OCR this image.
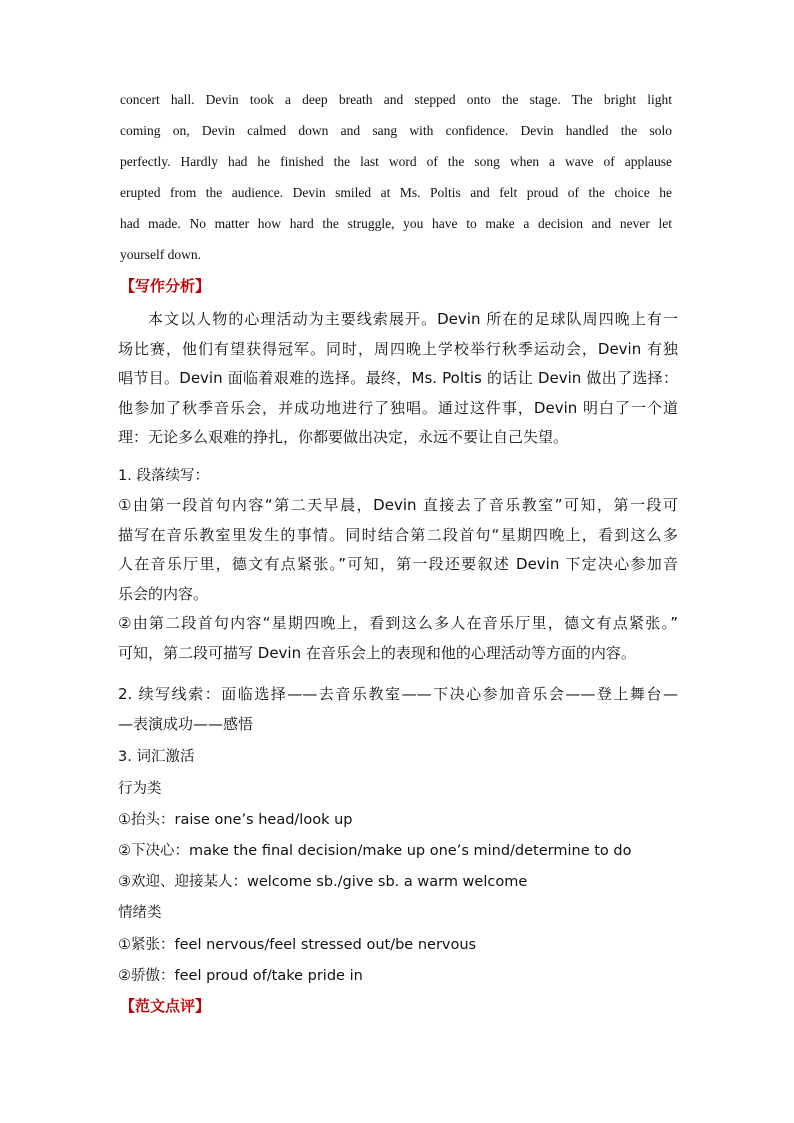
concert hall. Devin took a deep breath and stepped onto the stage. The bright light
coming on, Devin calmed down and sang with confidence. Devin handled the solo
perfectly. Hardly had he finished the last word of the song when a wave of applause
erupted from the audience. Devin smiled at Ms. Poltis and felt proud of the choice he
had made. No matter how hard the struggle, you have to make a decision and never let
yourself down.
【写作分析】
本文以人物的心理活动为主要线索展开。Devin 所在的足球队周四晚上有一
场比赛，他们有望获得冠军。同时，周四晚上学校举行秋季运动会，Devin 有独
唱节目。Devin 面临着艰难的选择。最终，Ms. Poltis 的话让 Devin 做出了选择：
他参加了秋季音乐会，并成功地进行了独唱。通过这件事，Devin 明白了一个道
理：无论多么艰难的挣扎，你都要做出决定，永远不要让自己失望。
1. 段落续写：
①由第一段首句内容“第二天早晨，Devin 直接去了音乐教室”可知，第一段可
描写在音乐教室里发生的事情。同时结合第二段首句“星期四晚上，看到这么多
人在音乐厅里，德文有点紧张。”可知，第一段还要叙述 Devin 下定决心参加音
乐会的内容。
②由第二段首句内容“星期四晚上，看到这么多人在音乐厅里，德文有点紧张。”
可知，第二段可描写 Devin 在音乐会上的表现和他的心理活动等方面的内容。
2. 续写线索：面临选择——去音乐教室——下决心参加音乐会——登上舞台—
—表演成功——感悟
3. 词汇激活
行为类
①抬头：raise one’s head/look up
②下决心：make the final decision/make up one’s mind/determine to do
③欢迎、迎接某人：welcome sb./give sb. a warm welcome
情绪类
①紧张：feel nervous/feel stressed out/be nervous
②骄傲：feel proud of/take pride in
【范文点评】
